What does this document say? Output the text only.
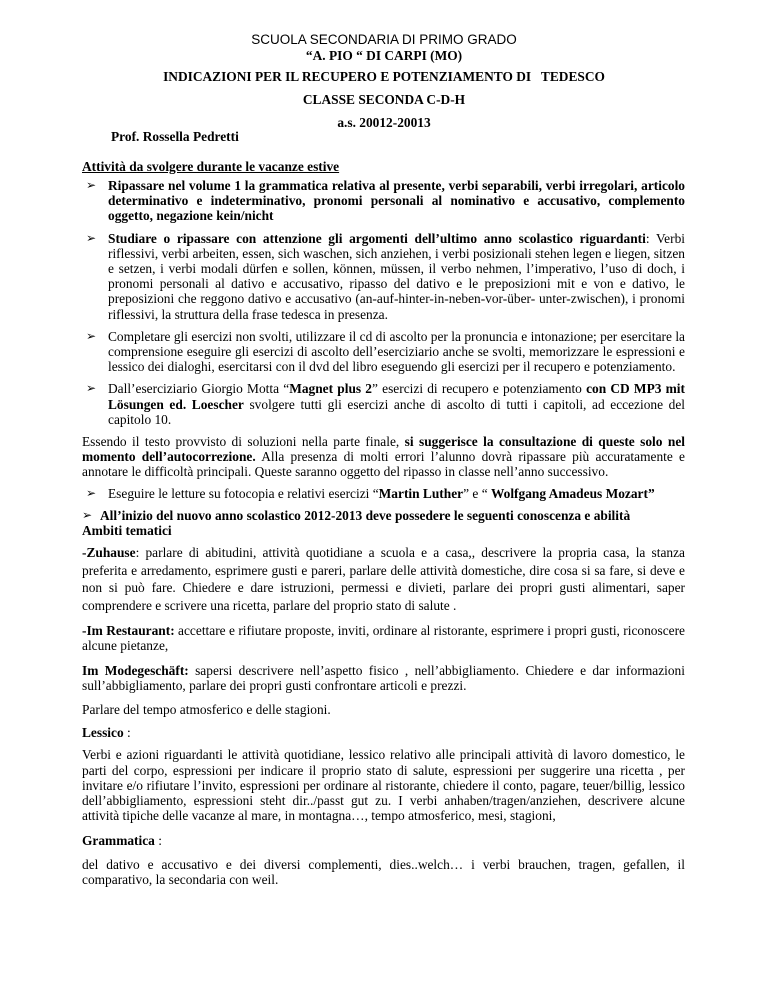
SCUOLA SECONDARIA DI PRIMO GRADO
“A. PIO “ DI CARPI (MO)
INDICAZIONI PER IL RECUPERO E POTENZIAMENTO DI   TEDESCO
CLASSE SECONDA C-D-H
a.s. 20012-20013
Prof. Rossella Pedretti
Attività da svolgere durante le vacanze estive
➢ Ripassare nel volume 1 la grammatica relativa al presente, verbi separabili, verbi irregolari, articolo determinativo e indeterminativo, pronomi personali al nominativo e accusativo, complemento oggetto, negazione kein/nicht
➢ Studiare o ripassare con attenzione gli argomenti dell’ultimo anno scolastico riguardanti: Verbi riflessivi, verbi arbeiten, essen, sich waschen, sich anziehen, i verbi posizionali stehen legen e liegen, sitzen e setzen, i verbi modali dürfen e sollen, können, müssen, il verbo nehmen, l’imperativo, l’uso di doch, i pronomi personali al dativo e accusativo, ripasso del dativo e le preposizioni mit e von e dativo, le preposizioni che reggono dativo e accusativo (an-auf-hinter-in-neben-vor-über- unter-zwischen), i pronomi riflessivi, la struttura della frase tedesca in presenza.
➢ Completare gli esercizi non svolti, utilizzare il cd di ascolto per la pronuncia e intonazione; per esercitare la comprensione eseguire gli esercizi di ascolto dell’eserciziario anche se svolti, memorizzare le espressioni e lessico dei dialoghi, esercitarsi con il dvd del libro eseguendo gli esercizi per il recupero e potenziamento.
➢ Dall’eserciziario Giorgio Motta “Magnet plus 2” esercizi di recupero e potenziamento con CD MP3 mit Lösungen ed. Loescher svolgere tutti gli esercizi anche di ascolto di tutti i capitoli, ad eccezione del capitolo 10.
Essendo il testo provvisto di soluzioni nella parte finale, si suggerisce la consultazione di queste solo nel momento dell’autocorrezione. Alla presenza di molti errori l’alunno dovrà ripassare più accuratamente e annotare le difficoltà principali. Queste saranno oggetto del ripasso in classe nell’anno successivo.
➢ Eseguire le letture su fotocopia e relativi esercizi “Martin Luther” e “ Wolfgang Amadeus Mozart”
➢ All’inizio del nuovo anno scolastico 2012-2013 deve possedere le seguenti conoscenza e abilità
Ambiti tematici
-Zuhause: parlare di abitudini, attività quotidiane a scuola e a casa,, descrivere la propria casa, la stanza preferita e arredamento, esprimere gusti e pareri, parlare delle attività domestiche, dire cosa si sa fare, si deve e non si può fare. Chiedere e dare istruzioni, permessi e divieti, parlare dei propri gusti alimentari, saper comprendere e scrivere una ricetta, parlare del proprio stato di salute .
-Im Restaurant: accettare e rifiutare proposte, inviti, ordinare al ristorante, esprimere i propri gusti, riconoscere alcune pietanze,
Im Modegeschäft: sapersi descrivere nell’aspetto fisico , nell’abbigliamento. Chiedere e dar informazioni sull’abbigliamento, parlare dei propri gusti confrontare articoli e prezzi.
Parlare del tempo atmosferico e delle stagioni.
Lessico :
Verbi e azioni riguardanti le attività quotidiane, lessico relativo alle principali attività di lavoro domestico, le parti del corpo, espressioni per indicare il proprio stato di salute, espressioni per suggerire una ricetta , per invitare e/o rifiutare l’invito, espressioni per ordinare al ristorante, chiedere il conto, pagare, teuer/billig, lessico dell’abbigliamento, espressioni steht dir../passt gut zu. I verbi anhaben/tragen/anziehen, descrivere alcune attività tipiche delle vacanze al mare, in montagna…, tempo atmosferico, mesi, stagioni,
Grammatica :
del dativo e accusativo e dei diversi complementi, dies..welch… i verbi brauchen, tragen, gefallen, il comparativo, la secondaria con weil.
